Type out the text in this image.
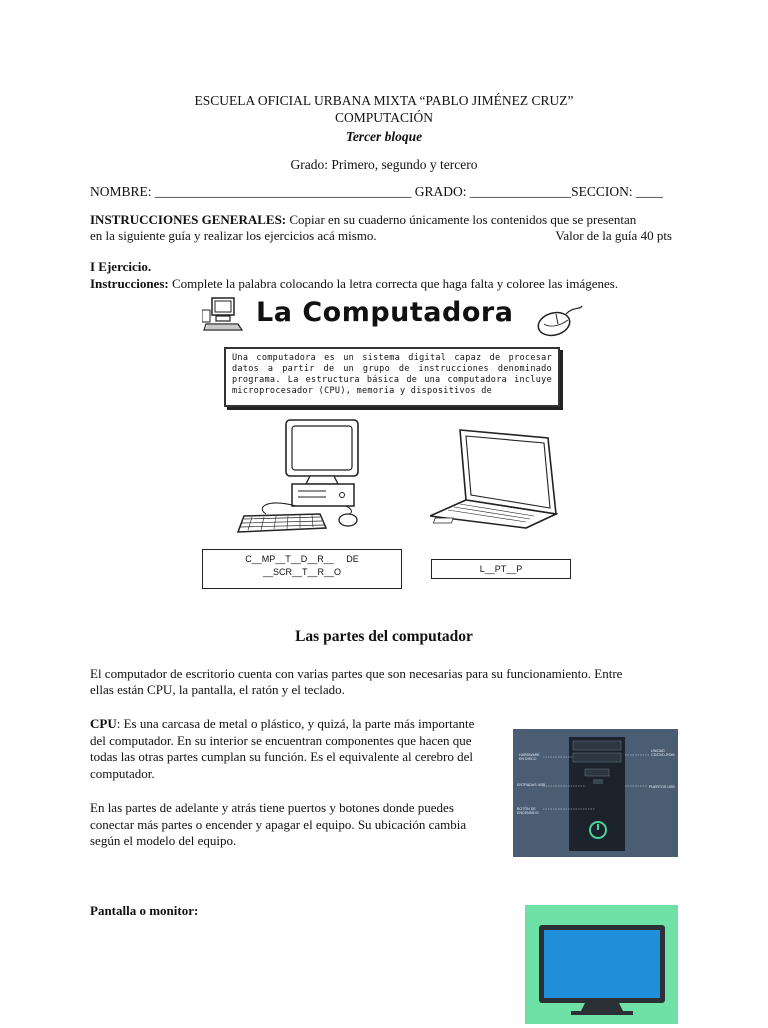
ESCUELA OFICIAL URBANA MIXTA “PABLO JIMÉNEZ CRUZ”
COMPUTACIÓN
Tercer bloque
Grado: Primero, segundo y tercero
NOMBRE: ______________________________________ GRADO: _______________SECCION: ____
INSTRUCCIONES GENERALES: Copiar en su cuaderno únicamente los contenidos que se presentan
en la siguiente guía y realizar los ejercicios acá mismo.	Valor de la guía 40 pts
I Ejercicio.
Instrucciones: Complete la palabra colocando la letra correcta que haga falta y coloree las imágenes.
La Computadora
Una computadora es un sistema digital capaz de procesar datos a partir de un grupo de instrucciones denominado programa. La estructura básica de una computadora incluye microprocesador (CPU), memoria y dispositivos de
C__MP__T__D__R__     DE
__SCR__T__R__O	L__PT__P
Las partes del computador
El computador de escritorio cuenta con varias partes que son necesarias para su funcionamiento. Entre
ellas están CPU, la pantalla, el ratón y el teclado.
CPU: Es una carcasa de metal o plástico, y quizá, la parte más importante
del computador. En su interior se encuentran componentes que hacen que
todas las otras partes cumplan su función. Es el equivalente al cerebro del
computador.
En las partes de adelante y atrás tiene puertos y botones donde puedes
conectar más partes o encender y apagar el equipo. Su ubicación cambia
según el modelo del equipo.
HARDWARE EN DISCO
ENTRADAS USB
UNIDAD CD/DVD-ROM
PUERTOS USB
BOTÓN DE ENCENDIDO
Pantalla o monitor:
